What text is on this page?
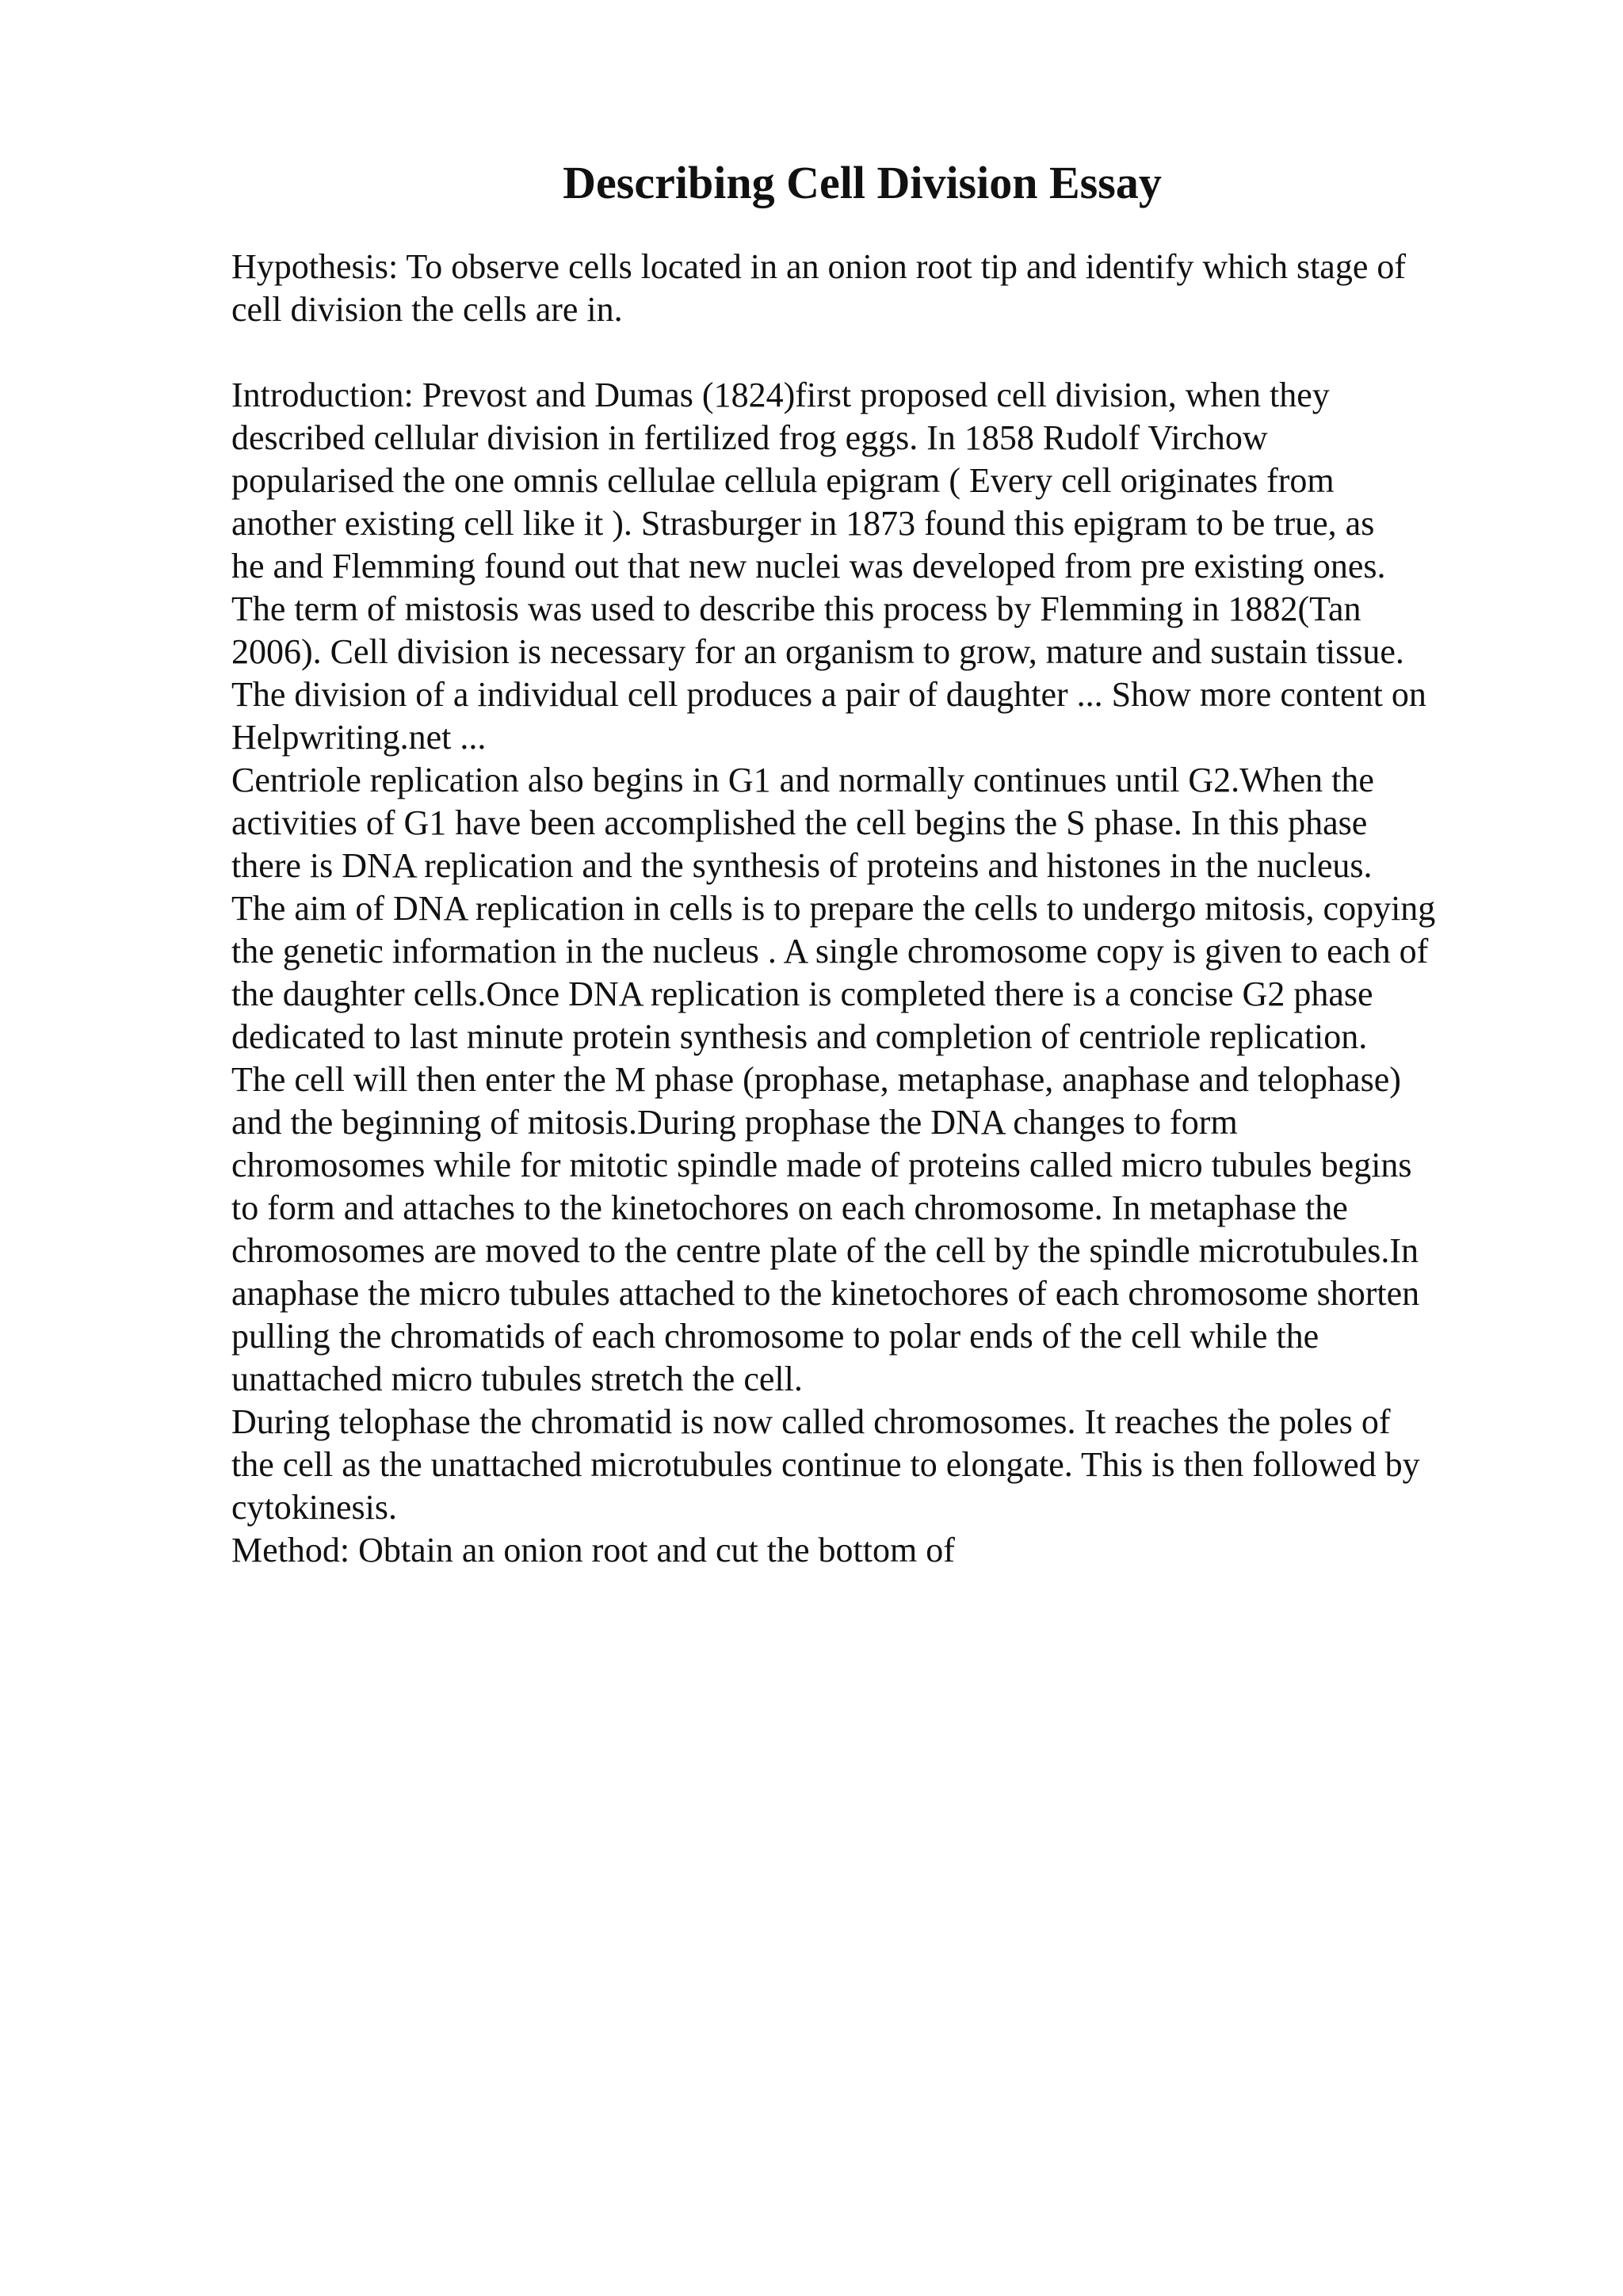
Describing Cell Division Essay
Hypothesis: To observe cells located in an onion root tip and identify which stage of
cell division the cells are in.
Introduction: Prevost and Dumas (1824)first proposed cell division, when they
described cellular division in fertilized frog eggs. In 1858 Rudolf Virchow
popularised the one omnis cellulae cellula epigram ( Every cell originates from
another existing cell like it ). Strasburger in 1873 found this epigram to be true, as
he and Flemming found out that new nuclei was developed from pre existing ones.
The term of mistosis was used to describe this process by Flemming in 1882(Tan
2006). Cell division is necessary for an organism to grow, mature and sustain tissue.
The division of a individual cell produces a pair of daughter ... Show more content on
Helpwriting.net ...
Centriole replication also begins in G1 and normally continues until G2.When the
activities of G1 have been accomplished the cell begins the S phase. In this phase
there is DNA replication and the synthesis of proteins and histones in the nucleus.
The aim of DNA replication in cells is to prepare the cells to undergo mitosis, copying
the genetic information in the nucleus . A single chromosome copy is given to each of
the daughter cells.Once DNA replication is completed there is a concise G2 phase
dedicated to last minute protein synthesis and completion of centriole replication.
The cell will then enter the M phase (prophase, metaphase, anaphase and telophase)
and the beginning of mitosis.During prophase the DNA changes to form
chromosomes while for mitotic spindle made of proteins called micro tubules begins
to form and attaches to the kinetochores on each chromosome. In metaphase the
chromosomes are moved to the centre plate of the cell by the spindle microtubules.In
anaphase the micro tubules attached to the kinetochores of each chromosome shorten
pulling the chromatids of each chromosome to polar ends of the cell while the
unattached micro tubules stretch the cell.
During telophase the chromatid is now called chromosomes. It reaches the poles of
the cell as the unattached microtubules continue to elongate. This is then followed by
cytokinesis.
Method: Obtain an onion root and cut the bottom of
